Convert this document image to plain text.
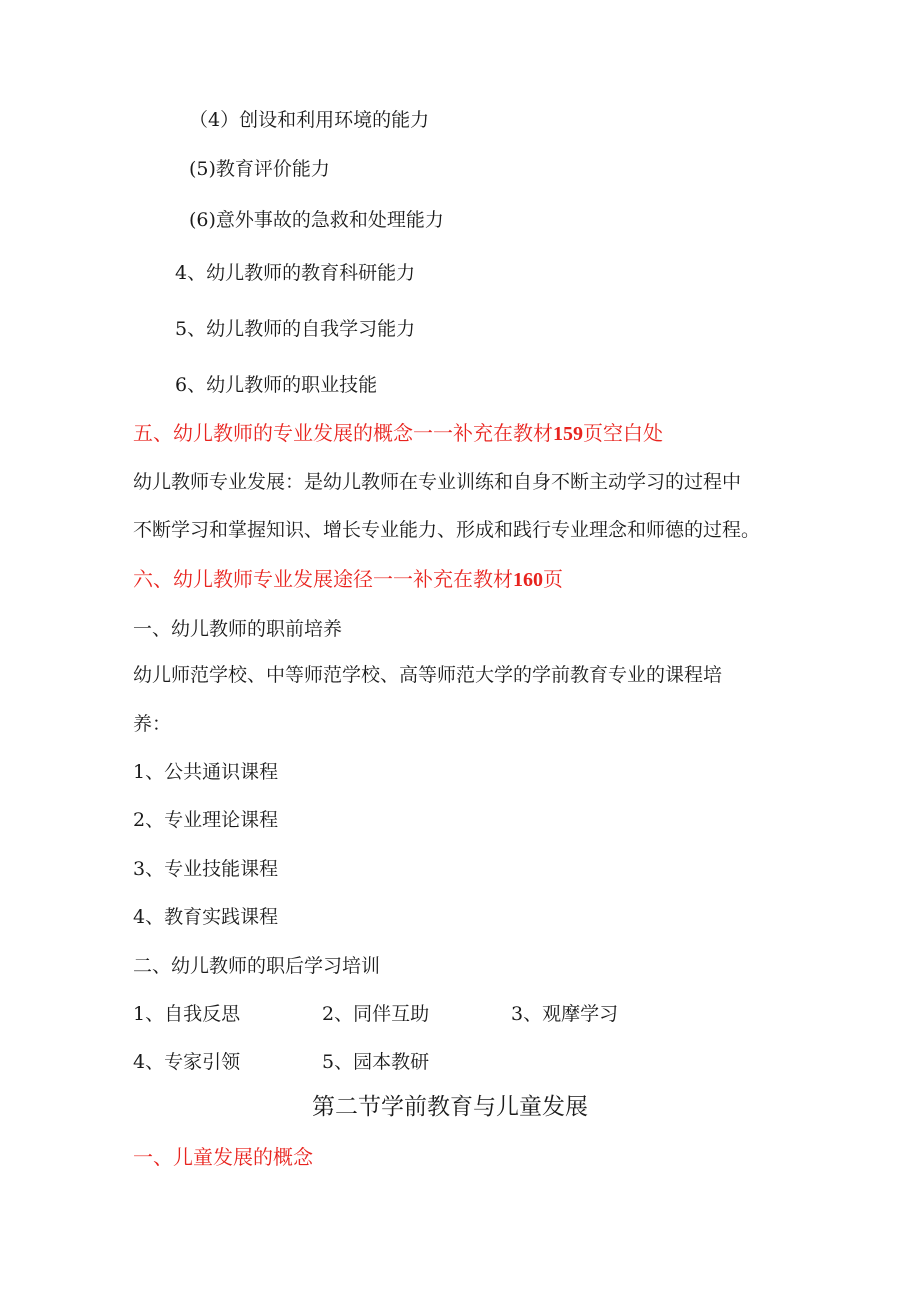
（4）创设和利用环境的能力
(5)教育评价能力
(6)意外事故的急救和处理能力
4、幼儿教师的教育科研能力
5、幼儿教师的自我学习能力
6、幼儿教师的职业技能
五、幼儿教师的专业发展的概念一一补充在教材159页空白处
幼儿教师专业发展：是幼儿教师在专业训练和自身不断主动学习的过程中
不断学习和掌握知识、增长专业能力、形成和践行专业理念和师德的过程。
六、幼儿教师专业发展途径一一补充在教材160页
一、幼儿教师的职前培养
幼儿师范学校、中等师范学校、高等师范大学的学前教育专业的课程培
养：
1、公共通识课程
2、专业理论课程
3、专业技能课程
4、教育实践课程
二、幼儿教师的职后学习培训
1、自我反思	2、同伴互助	3、观摩学习
4、专家引领	5、园本教研
第二节学前教育与儿童发展
一、儿童发展的概念
